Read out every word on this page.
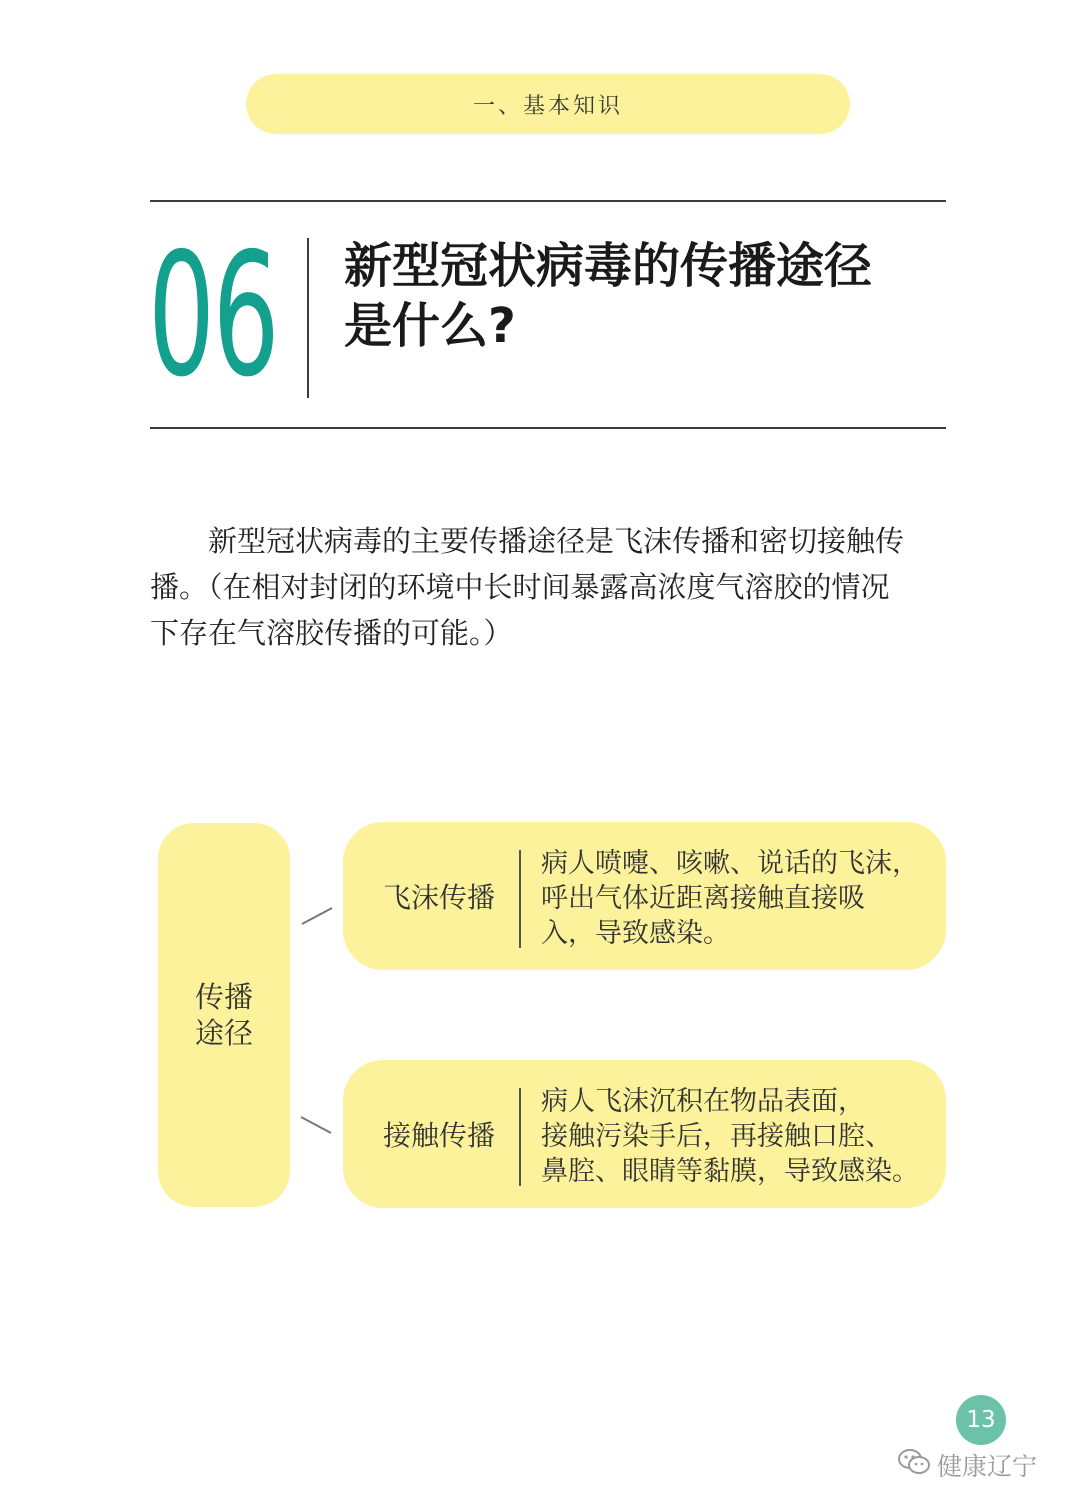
一、基本知识
06 新型冠状病毒的传播途径
是什么?
　　新型冠状病毒的主要传播途径是飞沫传播和密切接触传
播。（在相对封闭的环境中长时间暴露高浓度气溶胶的情况
下存在气溶胶传播的可能。）
传播
途径
飞沫传播
病人喷嚏、咳嗽、说话的飞沫，
呼出气体近距离接触直接吸
入，导致感染。
接触传播
病人飞沫沉积在物品表面，
接触污染手后，再接触口腔、
鼻腔、眼睛等黏膜，导致感染。
13
健康辽宁
